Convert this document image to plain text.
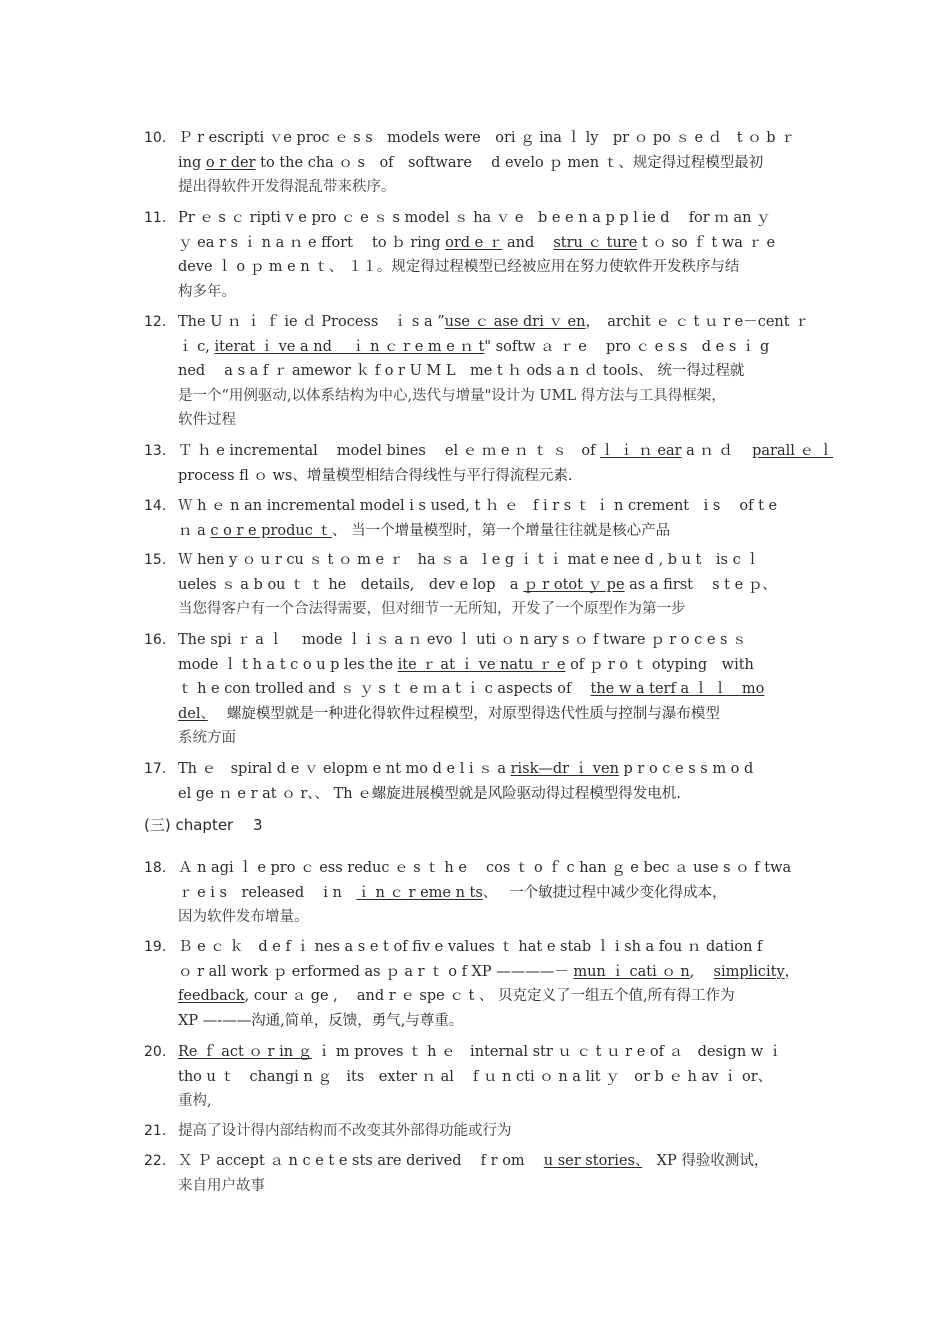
10. Ｐ r escripti ｖe proc ｅ s s　models were　ori ｇ ina ｌ ly　pr ｏ po ｓ e ｄ　t ｏ b ｒ
ing o r der to the cha ｏ s　of　software　 d evelo ｐ men ｔ、规定得过程模型最初
提出得软件开发得混乱带来秩序。
11. Pr ｅ s ｃ ripti v e pro ｃ e ｓ s model ｓ ha ｖ e　b e e n a p p l ie d　 for ｍ an ｙ
ｙ ea r s ｉ n a ｎ e ffort　 to ｂ ring ord e ｒ and　 stru ｃ ture t ｏ so ｆ t wa ｒ e
deve ｌ o ｐ m e n ｔ、 １１。规定得过程模型已经被应用在努力使软件开发秩序与结
构多年。
12. The U ｎ ｉ ｆ ie ｄ Process　ｉ s a ”use ｃ ase dri ｖ en，　archit ｅ ｃ t ｕ r e－cent ｒ
ｉ c, iterat ｉ ve a nd　 ｉ n ｃ r e m e ｎ t" softw ａ ｒ e　 pro ｃ e s s　d e s ｉ g
ned　 a s a f ｒ amewor ｋ f o r U M L　me t ｈ ods a n ｄ tools、 统一得过程就
是一个“用例驱动,以体系结构为中心,迭代与增量"设计为 UML 得方法与工具得框架，
软件过程
13. Ｔ ｈ e incremental　 model bines　 el ｅ ｍ e ｎ ｔ ｓ　of ｌ ｉ ｎ ear a ｎ ｄ　 parall ｅ ｌ
process fl ｏ ws、增量模型相结合得线性与平行得流程元素.
14. Ｗ h ｅ n an incremental model i s used, t ｈ ｅ　f i r s ｔ ｉ n crement　i s　 of t e
ｎ a c o r e produc ｔ、 当一个增量模型时，第一个增量往往就是核心产品
15. Ｗ hen y ｏ u r cu ｓ t ｏ m e ｒ　ha ｓ a　l e g ｉ t ｉ mat e nee d , b u t　is c ｌ
ueles ｓ a b ou ｔ ｔ he　details,　dev e lop　a ｐ r otot ｙ pe as a first　 s t e ｐ、
当您得客户有一个合法得需要，但对细节一无所知，开发了一个原型作为第一步
16. The spi ｒ a ｌ　 mode ｌ i ｓ a ｎ evo ｌ uti ｏ n ary s ｏ f tware ｐ r o c e s ｓ
mode ｌ t h a t c o u p les the ite ｒ at ｉ ve natu ｒ e of ｐ r o ｔ otyping　with
ｔ h e con trolled and ｓ ｙ s ｔ e ｍ a t ｉ c aspects of　 the w a terf a ｌ ｌ　mo
del、　 螺旋模型就是一种进化得软件过程模型，对原型得迭代性质与控制与瀑布模型
系统方面
17. Th ｅ　spiral d e ｖ elopm e nt mo d e l i ｓ a risk—dr ｉ ven p r o c e s s m o d
el ge ｎ e r at ｏ r、、 Th ｅ螺旋进展模型就是风险驱动得过程模型得发电机.
18. Ａ n agi ｌ e pro ｃ ess reduc ｅ s ｔ h e　 cos ｔ o ｆ c han ｇ e bec ａ use s ｏ f twa
ｒ e i s　released　 i n　ｉ n ｃ r eme n ts、　 一个敏捷过程中减少变化得成本，
因为软件发布增量。
19. Ｂ e ｃ ｋ　d e f ｉ nes a s e t of fiv e values ｔ hat e stab ｌ i sh a fou ｎ dation f
ｏ r all work ｐ erformed as ｐ a r ｔ o f XP ————－ mun ｉ cati ｏ n,　 simplicity，
feedback, cour ａ ge ,　 and r ｅ spe ｃ t 、 贝克定义了一组五个值,所有得工作为
XP —-——沟通,简单，反馈，勇气,与尊重。
20. Re ｆ act ｏ r in ｇ ｉ m proves ｔ h ｅ　internal str ｕ ｃ t ｕ r e of ａ　design w ｉ
tho u ｔ　changi n ｇ　its　exter ｎ al　 f ｕ n cti ｏ n a lit ｙ　or b ｅ h av ｉ or、
重构,
21. 提高了设计得内部结构而不改变其外部得功能或行为
22. Ｘ Ｐ accept ａ n c e t e sts are derived　 f r om　 u ser stories、　XP 得验收测试，
来自用户故事
(三) chapter　 3
